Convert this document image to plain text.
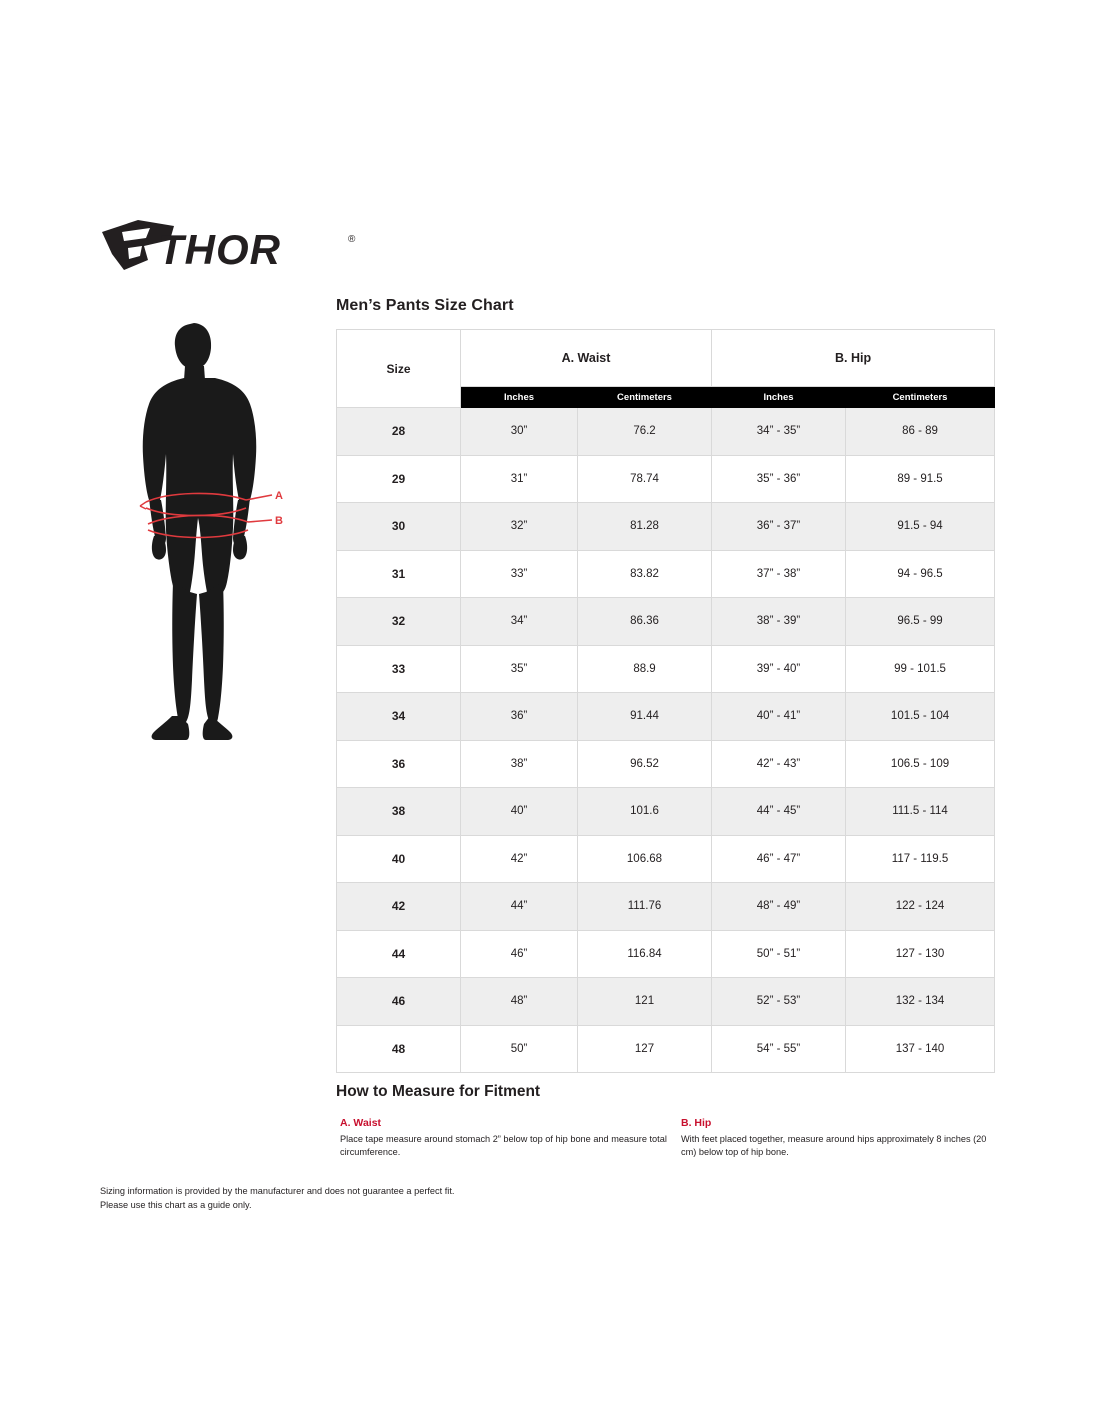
THOR	®
A
B
Men’s Pants Size Chart
Size	A. Waist		B. Hip	
	Inches	Centimeters	Inches	Centimeters
28	30”	76.2	34” - 35”	86 - 89
29	31”	78.74	35” - 36”	89 - 91.5
30	32”	81.28	36” - 37”	91.5 - 94
31	33”	83.82	37” - 38”	94 - 96.5
32	34”	86.36	38” - 39”	96.5 - 99
33	35”	88.9	39” - 40”	99 - 101.5
34	36”	91.44	40” - 41”	101.5 - 104
36	38”	96.52	42” - 43”	106.5 - 109
38	40”	101.6	44” - 45”	111.5 - 114
40	42”	106.68	46” - 47”	117 - 119.5
42	44”	111.76	48” - 49”	122 - 124
44	46”	116.84	50” - 51”	127 - 130
46	48”	121	52” - 53”	132 - 134
48	50”	127	54” - 55”	137 - 140
How to Measure for Fitment
A. Waist
Place tape measure around stomach 2” below top of hip bone and measure total circumference.
B. Hip
With feet placed together, measure around hips approximately 8 inches (20 cm) below top of hip bone.
Sizing information is provided by the manufacturer and does not guarantee a perfect fit.
Please use this chart as a guide only.
